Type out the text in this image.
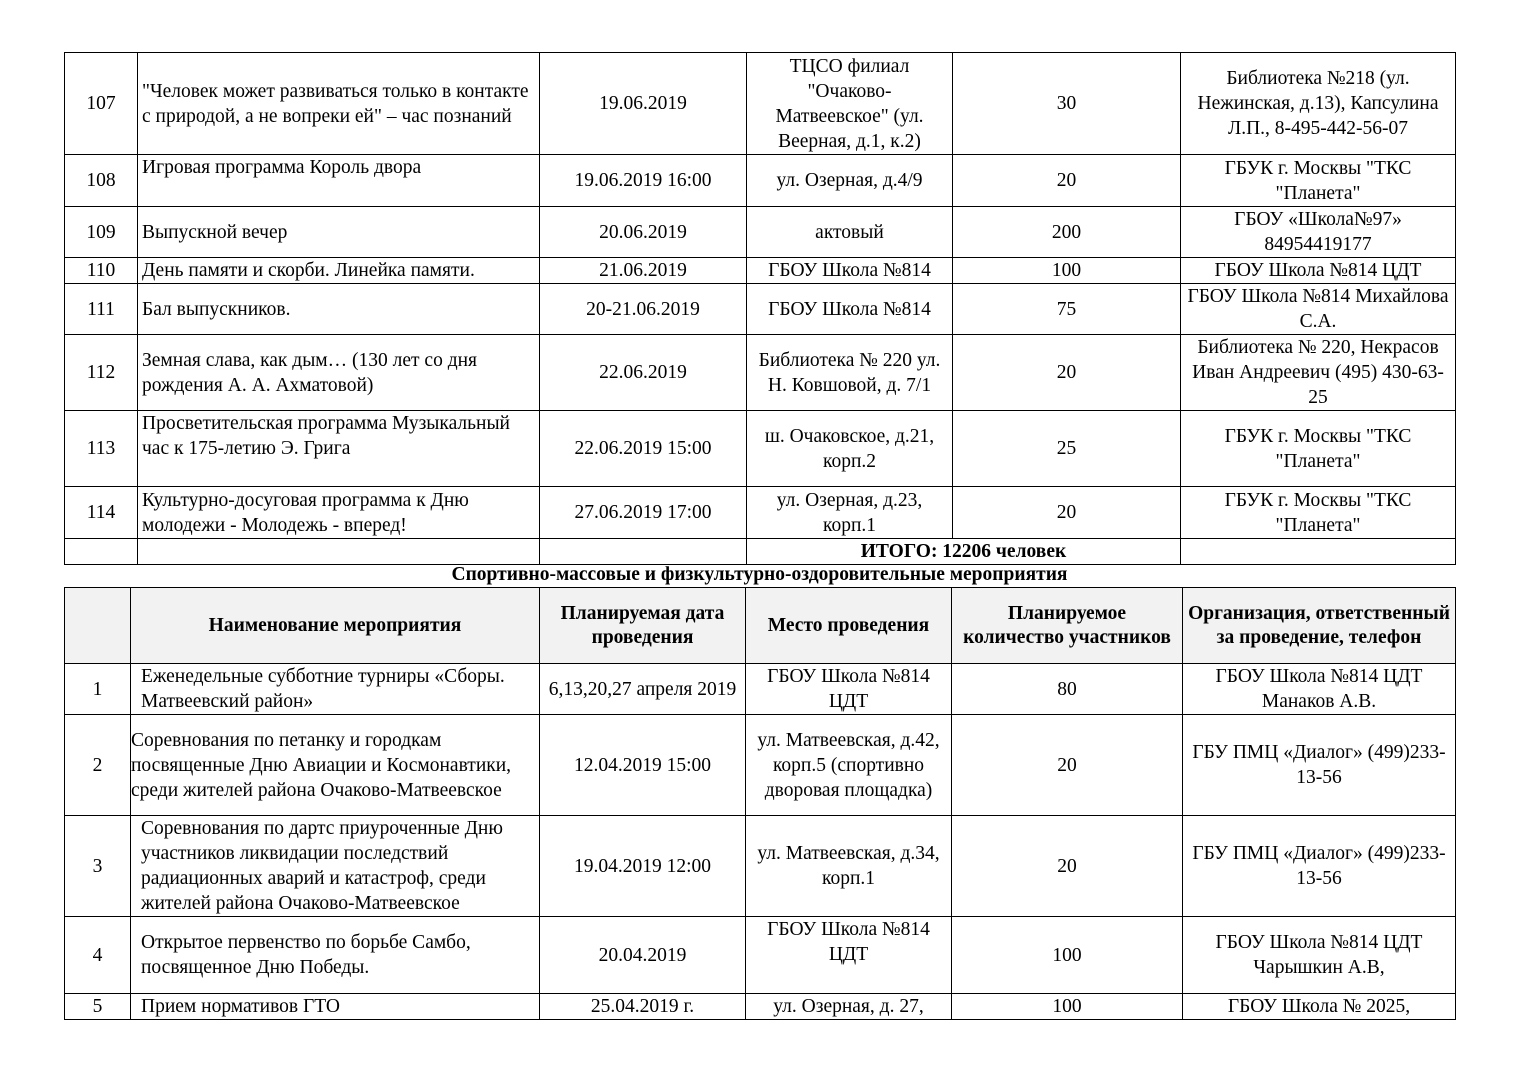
107	"Человек может развиваться только в контакте с природой, а не вопреки ей" – час познаний	19.06.2019	ТЦСО филиал "Очаково-Матвеевское" (ул. Веерная, д.1, к.2)	30	Библиотека №218 (ул. Нежинская, д.13), Капсулина Л.П., 8-495-442-56-07
108	Игровая программа Король двора	19.06.2019 16:00	ул. Озерная, д.4/9	20	ГБУК г. Москвы "ТКС "Планета"
109	Выпускной вечер	20.06.2019	актовый	200	ГБОУ «Школа№97» 84954419177
110	День памяти и скорби. Линейка памяти.	21.06.2019	ГБОУ Школа №814	100	ГБОУ Школа №814 ЦДТ
111	Бал выпускников.	20-21.06.2019	ГБОУ Школа №814	75	ГБОУ Школа №814 Михайлова С.А.
112	Земная слава, как дым… (130 лет со дня рождения А. А. Ахматовой)	22.06.2019	Библиотека № 220 ул. Н. Ковшовой, д. 7/1	20	Библиотека № 220, Некрасов Иван Андреевич (495) 430-63-25
113	Просветительская программа Музыкальный час к 175-летию Э. Грига	22.06.2019 15:00	ш. Очаковское, д.21, корп.2	25	ГБУК г. Москвы "ТКС "Планета"
114	Культурно-досуговая программа к Дню молодежи - Молодежь - вперед!	27.06.2019 17:00	ул. Озерная, д.23, корп.1	20	ГБУК г. Москвы "ТКС "Планета"
			ИТОГО: 12206 человек		
Спортивно-массовые и физкультурно-оздоровительные мероприятия
	Наименование мероприятия	Планируемая дата проведения	Место проведения	Планируемое количество участников	Организация, ответственный за проведение, телефон
1	Еженедельные субботние турниры «Сборы. Матвеевский район»	6,13,20,27 апреля 2019	ГБОУ Школа №814 ЦДТ	80	ГБОУ Школа №814 ЦДТ Манаков А.В.
2	Соревнования по петанку и городкам посвященные Дню Авиации и Космонавтики, среди жителей района Очаково-Матвеевское	12.04.2019 15:00	ул. Матвеевская, д.42, корп.5 (спортивно дворовая площадка)	20	ГБУ ПМЦ «Диалог» (499)233-13-56
3	Соревнования по дартс приуроченные Дню участников ликвидации последствий радиационных аварий и катастроф, среди жителей района Очаково-Матвеевское	19.04.2019 12:00	ул. Матвеевская, д.34, корп.1	20	ГБУ ПМЦ «Диалог» (499)233-13-56
4	Открытое первенство по борьбе Самбо, посвященное Дню Победы.	20.04.2019	ГБОУ Школа №814 ЦДТ	100	ГБОУ Школа №814 ЦДТ Чарышкин А.В,
5	Прием нормативов ГТО	25.04.2019 г.	ул. Озерная, д. 27,	100	ГБОУ Школа № 2025,
